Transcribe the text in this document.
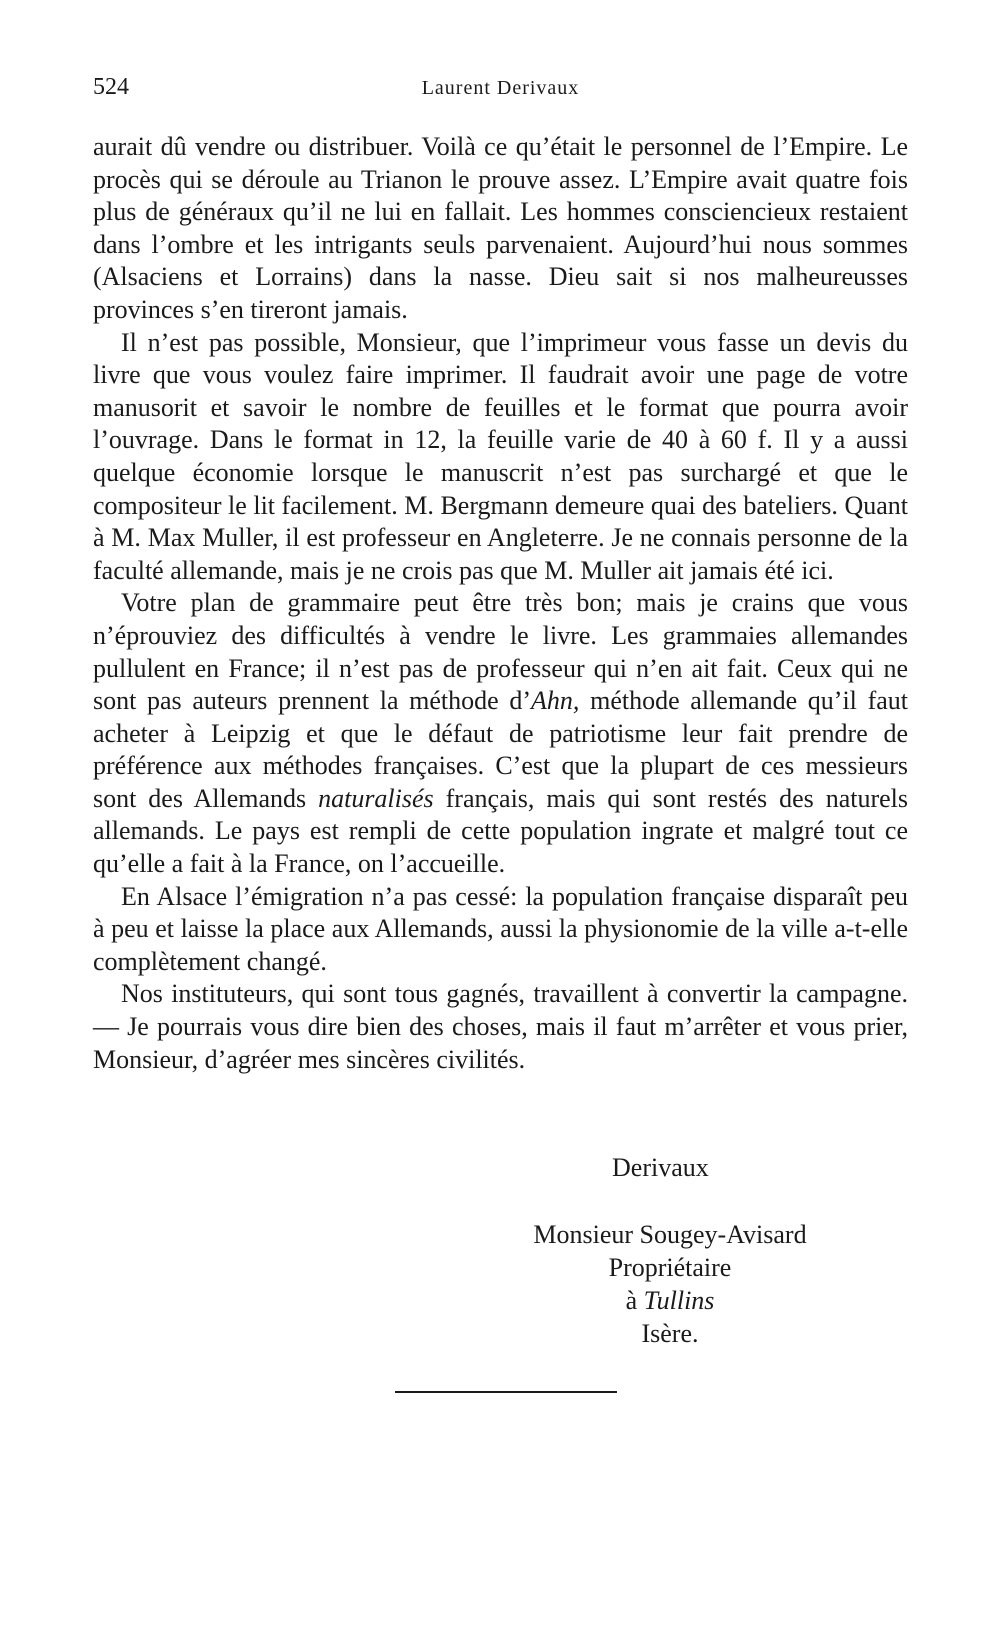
524	Laurent Derivaux

aurait dû vendre ou distribuer. Voilà ce qu’était le personnel de l’Empire. Le procès qui se déroule au Trianon le prouve assez. L’Empire avait quatre fois plus de généraux qu’il ne lui en fallait. Les hommes consciencieux restaient dans l’ombre et les intrigants seuls parvenaient. Aujourd’hui nous sommes (Alsaciens et Lorrains) dans la nasse. Dieu sait si nos malheureusses provinces s’en tireront jamais.

Il n’est pas possible, Monsieur, que l’imprimeur vous fasse un devis du livre que vous voulez faire imprimer. Il faudrait avoir une page de votre manusorit et savoir le nombre de feuilles et le format que pourra avoir l’ouvrage. Dans le format in 12, la feuille varie de 40 à 60 f. Il y a aussi quelque économie lorsque le manuscrit n’est pas surchargé et que le compositeur le lit facilement. M. Bergmann demeure quai des bateliers. Quant à M. Max Muller, il est professeur en Angleterre. Je ne connais personne de la faculté allemande, mais je ne crois pas que M. Muller ait jamais été ici.

Votre plan de grammaire peut être très bon; mais je crains que vous n’éprouviez des difficultés à vendre le livre. Les grammaies allemandes pullulent en France; il n’est pas de professeur qui n’en ait fait. Ceux qui ne sont pas auteurs prennent la méthode d’Ahn, méthode allemande qu’il faut acheter à Leipzig et que le défaut de patriotisme leur fait prendre de préférence aux méthodes françaises. C’est que la plupart de ces messieurs sont des Allemands naturalisés français, mais qui sont restés des naturels allemands. Le pays est rempli de cette population ingrate et malgré tout ce qu’elle a fait à la France, on l’accueille.

En Alsace l’émigration n’a pas cessé: la population française disparaît peu à peu et laisse la place aux Allemands, aussi la physionomie de la ville a-t-elle complètement changé.

Nos instituteurs, qui sont tous gagnés, travaillent à convertir la campagne. — Je pourrais vous dire bien des choses, mais il faut m’arrêter et vous prier, Monsieur, d’agréer mes sincères civilités.

Derivaux
Monsieur Sougey-Avisard
Propriétaire
à Tullins
Isère.
